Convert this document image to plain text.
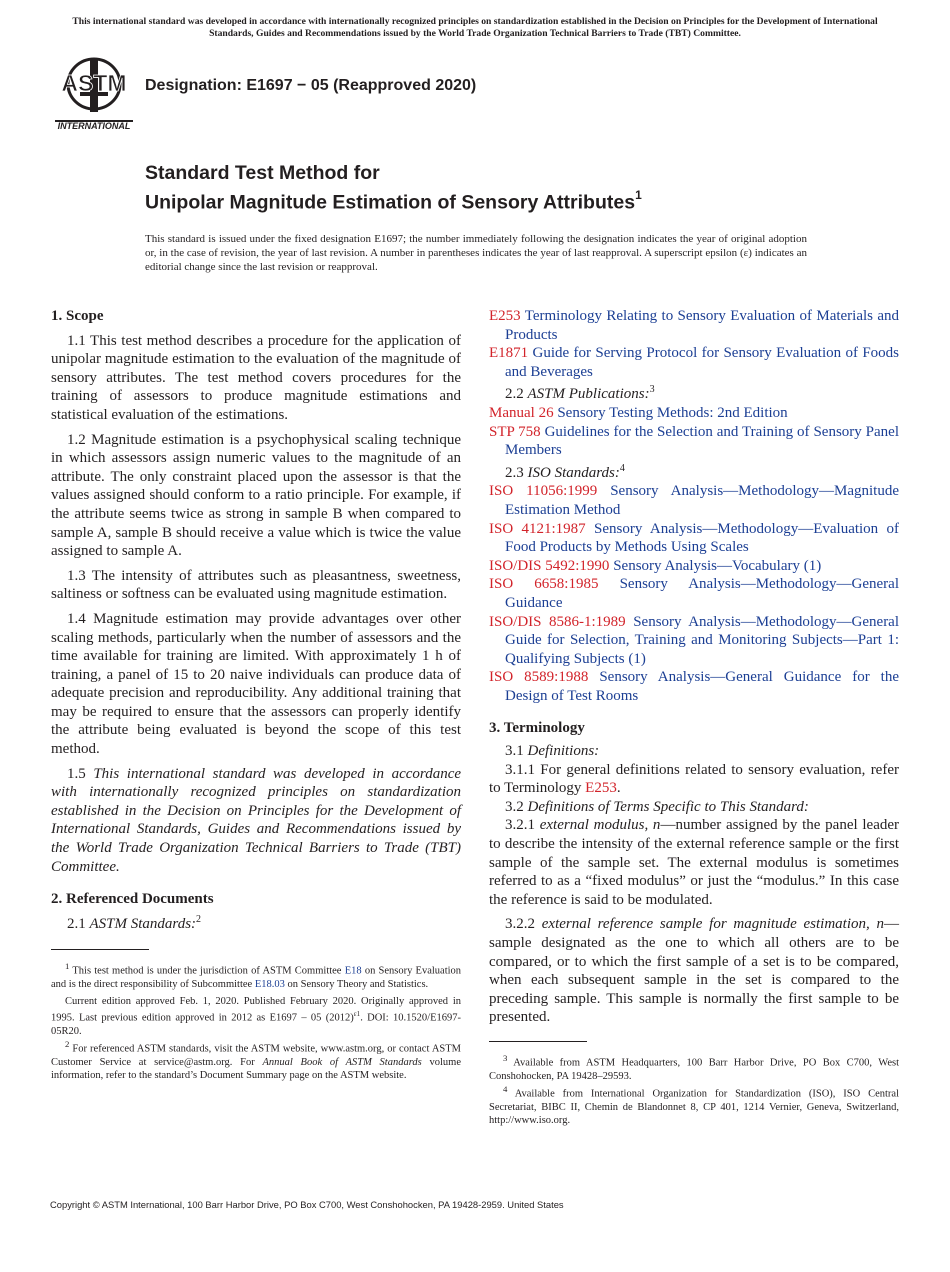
This international standard was developed in accordance with internationally recognized principles on standardization established in the Decision on Principles for the Development of International Standards, Guides and Recommendations issued by the World Trade Organization Technical Barriers to Trade (TBT) Committee.
ASTM
INTERNATIONAL
Designation: E1697 − 05 (Reapproved 2020)
Standard Test Method for
Unipolar Magnitude Estimation of Sensory Attributes$^1$
This standard is issued under the fixed designation E1697; the number immediately following the designation indicates the year of original adoption or, in the case of revision, the year of last revision. A number in parentheses indicates the year of last reapproval. A superscript epsilon (ε) indicates an editorial change since the last revision or reapproval.
1. Scope

1.1 This test method describes a procedure for the application of unipolar magnitude estimation to the evaluation of the magnitude of sensory attributes. The test method covers procedures for the training of assessors to produce magnitude estimations and statistical evaluation of the estimations.

1.2 Magnitude estimation is a psychophysical scaling technique in which assessors assign numeric values to the magnitude of an attribute. The only constraint placed upon the assessor is that the values assigned should conform to a ratio principle. For example, if the attribute seems twice as strong in sample B when compared to sample A, sample B should receive a value which is twice the value assigned to sample A.

1.3 The intensity of attributes such as pleasantness, sweetness, saltiness or softness can be evaluated using magnitude estimation.

1.4 Magnitude estimation may provide advantages over other scaling methods, particularly when the number of assessors and the time available for training are limited. With approximately 1 h of training, a panel of 15 to 20 naive individuals can produce data of adequate precision and reproducibility. Any additional training that may be required to ensure that the assessors can properly identify the attribute being evaluated is beyond the scope of this test method.

1.5 This international standard was developed in accordance with internationally recognized principles on standardization established in the Decision on Principles for the Development of International Standards, Guides and Recommendations issued by the World Trade Organization Technical Barriers to Trade (TBT) Committee.

2. Referenced Documents

2.1 ASTM Standards:$^2$

$^1$ This test method is under the jurisdiction of ASTM Committee E18 on Sensory Evaluation and is the direct responsibility of Subcommittee E18.03 on Sensory Theory and Statistics.

Current edition approved Feb. 1, 2020. Published February 2020. Originally approved in 1995. Last previous edition approved in 2012 as E1697 – 05 $(2012)^{\varepsilon 1}$. DOI: 10.1520/E1697-05R20.

$^2$ For referenced ASTM standards, visit the ASTM website, www.astm.org, or contact ASTM Customer Service at service@astm.org. For Annual Book of ASTM Standards volume information, refer to the standard’s Document Summary page on the ASTM website.

E253 Terminology Relating to Sensory Evaluation of Materials and Products

E1871 Guide for Serving Protocol for Sensory Evaluation of Foods and Beverages

2.2 ASTM Publications:$^3$

Manual 26 Sensory Testing Methods: 2nd Edition

STP 758 Guidelines for the Selection and Training of Sensory Panel Members

2.3 ISO Standards:$^4$

ISO 11056:1999 Sensory Analysis—Methodology—Magnitude Estimation Method

ISO 4121:1987 Sensory Analysis—Methodology—Evaluation of Food Products by Methods Using Scales

ISO/DIS 5492:1990 Sensory Analysis—Vocabulary (1)

ISO 6658:1985 Sensory Analysis—Methodology—General Guidance

ISO/DIS 8586-1:1989 Sensory Analysis—Methodology—General Guide for Selection, Training and Monitoring Subjects—Part 1: Qualifying Subjects (1)

ISO 8589:1988 Sensory Analysis—General Guidance for the Design of Test Rooms

3. Terminology

3.1 Definitions:

3.1.1 For general definitions related to sensory evaluation, refer to Terminology E253.

3.2 Definitions of Terms Specific to This Standard:

3.2.1 external modulus, n—number assigned by the panel leader to describe the intensity of the external reference sample or the first sample of the sample set. The external modulus is sometimes referred to as a “fixed modulus” or just the “modulus.” In this case the reference is said to be modulated.

3.2.2 external reference sample for magnitude estimation, n—sample designated as the one to which all others are to be compared, or to which the first sample of a set is to be compared, when each subsequent sample in the set is compared to the preceding sample. This sample is normally the first sample to be presented.

$^3$ Available from ASTM Headquarters, 100 Barr Harbor Drive, PO Box C700, West Conshohocken, PA 19428–29593.

$^4$ Available from International Organization for Standardization (ISO), ISO Central Secretariat, BIBC II, Chemin de Blandonnet 8, CP 401, 1214 Vernier, Geneva, Switzerland, http://www.iso.org.

Copyright © ASTM International, 100 Barr Harbor Drive, PO Box C700, West Conshohocken, PA 19428-2959. United States
